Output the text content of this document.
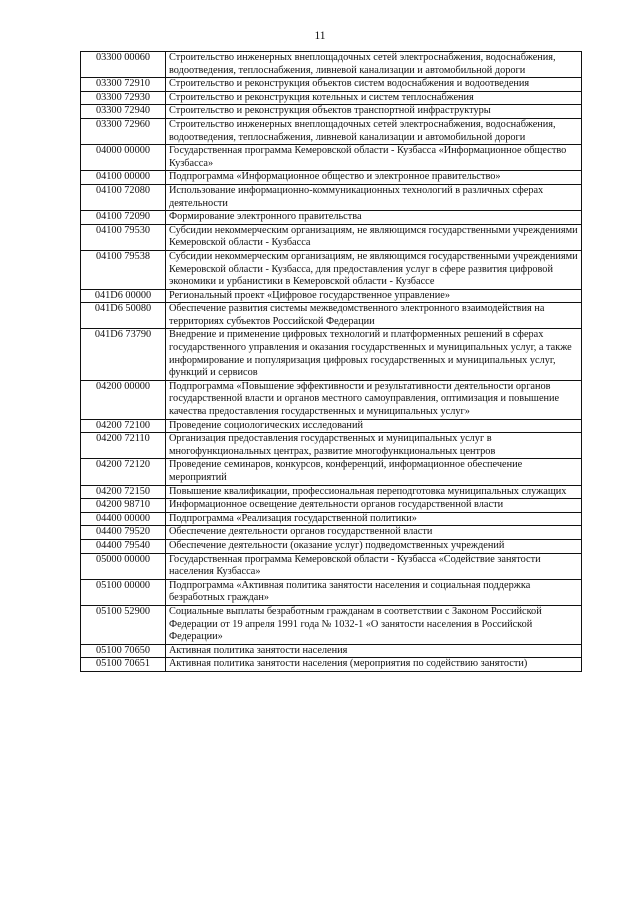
11
03300 00060	Строительство инженерных внеплощадочных сетей электроснабжения, водоснабжения, водоотведения, теплоснабжения, ливневой канализации и автомобильной дороги
03300 72910	Строительство и реконструкция объектов систем водоснабжения и водоотведения
03300 72930	Строительство и реконструкция котельных и систем теплоснабжения
03300 72940	Строительство и реконструкция объектов транспортной инфраструктуры
03300 72960	Строительство инженерных внеплощадочных сетей электроснабжения, водоснабжения, водоотведения, теплоснабжения, ливневой канализации и автомобильной дороги
04000 00000	Государственная программа Кемеровской области - Кузбасса «Информационное общество Кузбасса»
04100 00000	Подпрограмма «Информационное общество и электронное правительство»
04100 72080	Использование информационно-коммуникационных технологий в различных сферах деятельности
04100 72090	Формирование электронного правительства
04100 79530	Субсидии некоммерческим организациям, не являющимся государственными учреждениями Кемеровской области - Кузбасса
04100 79538	Субсидии некоммерческим организациям, не являющимся государственными учреждениями Кемеровской области - Кузбасса, для предоставления услуг в сфере развития цифровой экономики и урбанистики в Кемеровской области - Кузбассе
041D6 00000	Региональный проект «Цифровое государственное управление»
041D6 50080	Обеспечение развития системы межведомственного электронного взаимодействия на территориях субъектов Российской Федерации
041D6 73790	Внедрение и применение цифровых технологий и платформенных решений в сферах государственного управления и оказания государственных и муниципальных услуг, а также информирование и популяризация цифровых государственных и муниципальных услуг, функций и сервисов
04200 00000	Подпрограмма «Повышение эффективности и результативности деятельности органов государственной власти и органов местного самоуправления, оптимизация и повышение качества предоставления государственных и муниципальных услуг»
04200 72100	Проведение социологических исследований
04200 72110	Организация предоставления государственных и муниципальных услуг в многофункциональных центрах, развитие многофункциональных центров
04200 72120	Проведение семинаров, конкурсов, конференций, информационное обеспечение мероприятий
04200 72150	Повышение квалификации, профессиональная переподготовка муниципальных служащих
04200 98710	Информационное освещение деятельности органов государственной власти
04400 00000	Подпрограмма «Реализация государственной политики»
04400 79520	Обеспечение деятельности органов государственной власти
04400 79540	Обеспечение деятельности (оказание услуг) подведомственных учреждений
05000 00000	Государственная программа Кемеровской области - Кузбасса «Содействие занятости населения Кузбасса»
05100 00000	Подпрограмма «Активная политика занятости населения и социальная поддержка безработных граждан»
05100 52900	Социальные выплаты безработным гражданам в соответствии с Законом Российской Федерации от 19 апреля 1991 года № 1032-1 «О занятости населения в Российской Федерации»
05100 70650	Активная политика занятости населения
05100 70651	Активная политика занятости населения (мероприятия по содействию занятости)
